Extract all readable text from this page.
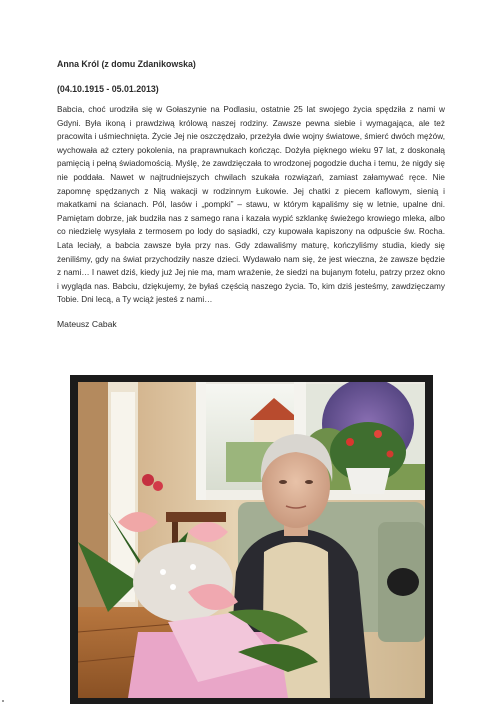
Anna Król (z domu Zdanikowska)
(04.10.1915 - 05.01.2013)

Babcia, choć urodziła się w Gołaszynie na Podlasiu, ostatnie 25 lat swojego życia spędziła z nami w Gdyni. Była ikoną i prawdziwą królową naszej rodziny. Zawsze pewna siebie i wymagająca, ale też pracowita i uśmiechnięta. Życie Jej nie oszczędzało, przeżyła dwie wojny światowe, śmierć dwóch mężów, wychowała aż cztery pokolenia, na praprawnukach kończąc. Dożyła pięknego wieku 97 lat, z doskonałą pamięcią i pełną świadomością. Myślę, że zawdzięczała to wrodzonej pogodzie ducha i temu, że nigdy się nie poddała. Nawet w najtrudniejszych chwilach szukała rozwiązań, zamiast załamywać ręce. Nie zapomnę spędzanych z Nią wakacji w rodzinnym Łukowie. Jej chatki z piecem kaflowym, sienią i makatkami na ścianach. Pól, lasów i „pompki” – stawu, w którym kąpaliśmy się w letnie, upalne dni. Pamiętam dobrze, jak budziła nas z samego rana i kazała wypić szklankę świeżego krowiego mleka, albo co niedzielę wysyłała z termosem po lody do sąsiadki, czy kupowała kapiszony na odpuście św. Rocha. Lata leciały, a babcia zawsze była przy nas. Gdy zdawaliśmy maturę, kończyliśmy studia, kiedy się żeniliśmy, gdy na świat przychodziły nasze dzieci. Wydawało nam się, że jest wieczna, że zawsze będzie z nami… I nawet dziś, kiedy już Jej nie ma, mam wrażenie, że siedzi na bujanym fotelu, patrzy przez okno i wygląda nas. Babciu, dziękujemy, że byłaś częścią naszego życia. To, kim dziś jesteśmy, zawdzięczamy Tobie. Dni lecą, a Ty wciąż jesteś z nami…

Mateusz Cabak
